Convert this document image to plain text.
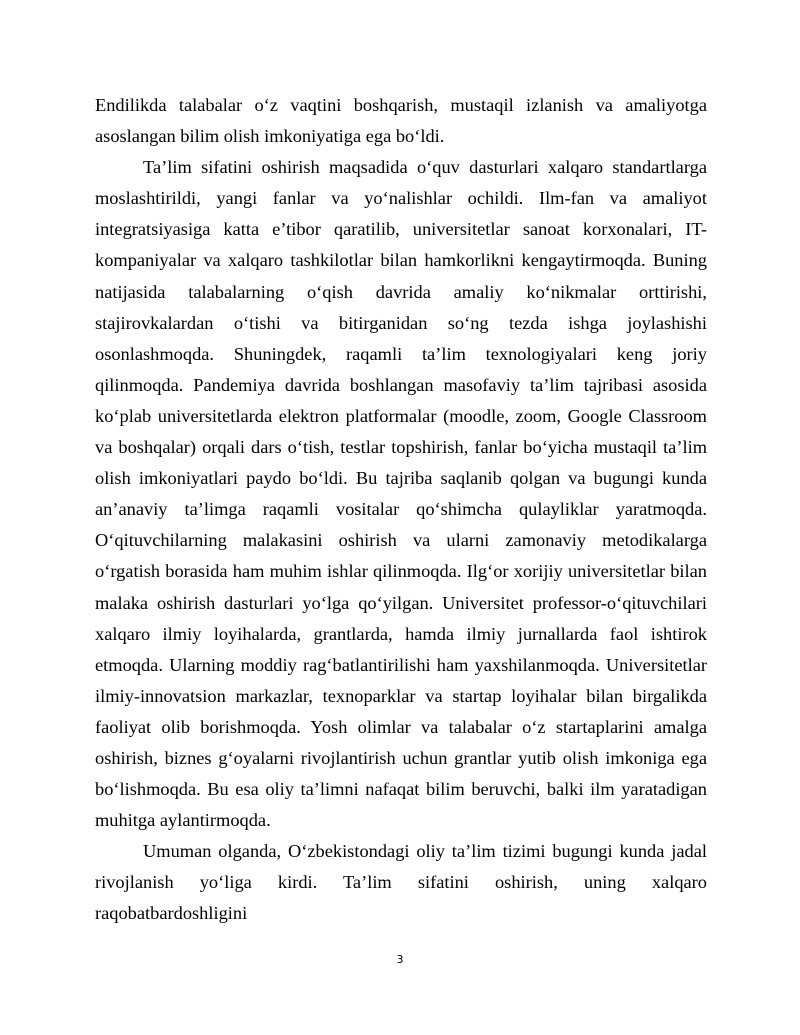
Endilikda talabalar o‘z vaqtini boshqarish, mustaqil izlanish va amaliyotga asoslangan bilim olish imkoniyatiga ega bo‘ldi.

Ta’lim sifatini oshirish maqsadida o‘quv dasturlari xalqaro standartlarga moslashtirildi, yangi fanlar va yo‘nalishlar ochildi. Ilm-fan va amaliyot integratsiyasiga katta e’tibor qaratilib, universitetlar sanoat korxonalari, IT-kompaniyalar va xalqaro tashkilotlar bilan hamkorlikni kengaytirmoqda. Buning natijasida talabalarning o‘qish davrida amaliy ko‘nikmalar orttirishi, stajirovkalardan o‘tishi va bitirganidan so‘ng tezda ishga joylashishi osonlashmoqda. Shuningdek, raqamli ta’lim texnologiyalari keng joriy qilinmoqda. Pandemiya davrida boshlangan masofaviy ta’lim tajribasi asosida ko‘plab universitetlarda elektron platformalar (moodle, zoom, Google Classroom va boshqalar) orqali dars o‘tish, testlar topshirish, fanlar bo‘yicha mustaqil ta’lim olish imkoniyatlari paydo bo‘ldi. Bu tajriba saqlanib qolgan va bugungi kunda an’anaviy ta’limga raqamli vositalar qo‘shimcha qulayliklar yaratmoqda. O‘qituvchilarning malakasini oshirish va ularni zamonaviy metodikalarga o‘rgatish borasida ham muhim ishlar qilinmoqda. Ilg‘or xorijiy universitetlar bilan malaka oshirish dasturlari yo‘lga qo‘yilgan. Universitet professor-o‘qituvchilari xalqaro ilmiy loyihalarda, grantlarda, hamda ilmiy jurnallarda faol ishtirok etmoqda. Ularning moddiy rag‘batlantirilishi ham yaxshilanmoqda. Universitetlar ilmiy-innovatsion markazlar, texnoparklar va startap loyihalar bilan birgalikda faoliyat olib borishmoqda. Yosh olimlar va talabalar o‘z startaplarini amalga oshirish, biznes g‘oyalarni rivojlantirish uchun grantlar yutib olish imkoniga ega bo‘lishmoqda. Bu esa oliy ta’limni nafaqat bilim beruvchi, balki ilm yaratadigan muhitga aylantirmoqda.

Umuman olganda, O‘zbekistondagi oliy ta’lim tizimi bugungi kunda jadal rivojlanish yo‘liga kirdi. Ta’lim sifatini oshirish, uning xalqaro raqobatbardoshligini

3
